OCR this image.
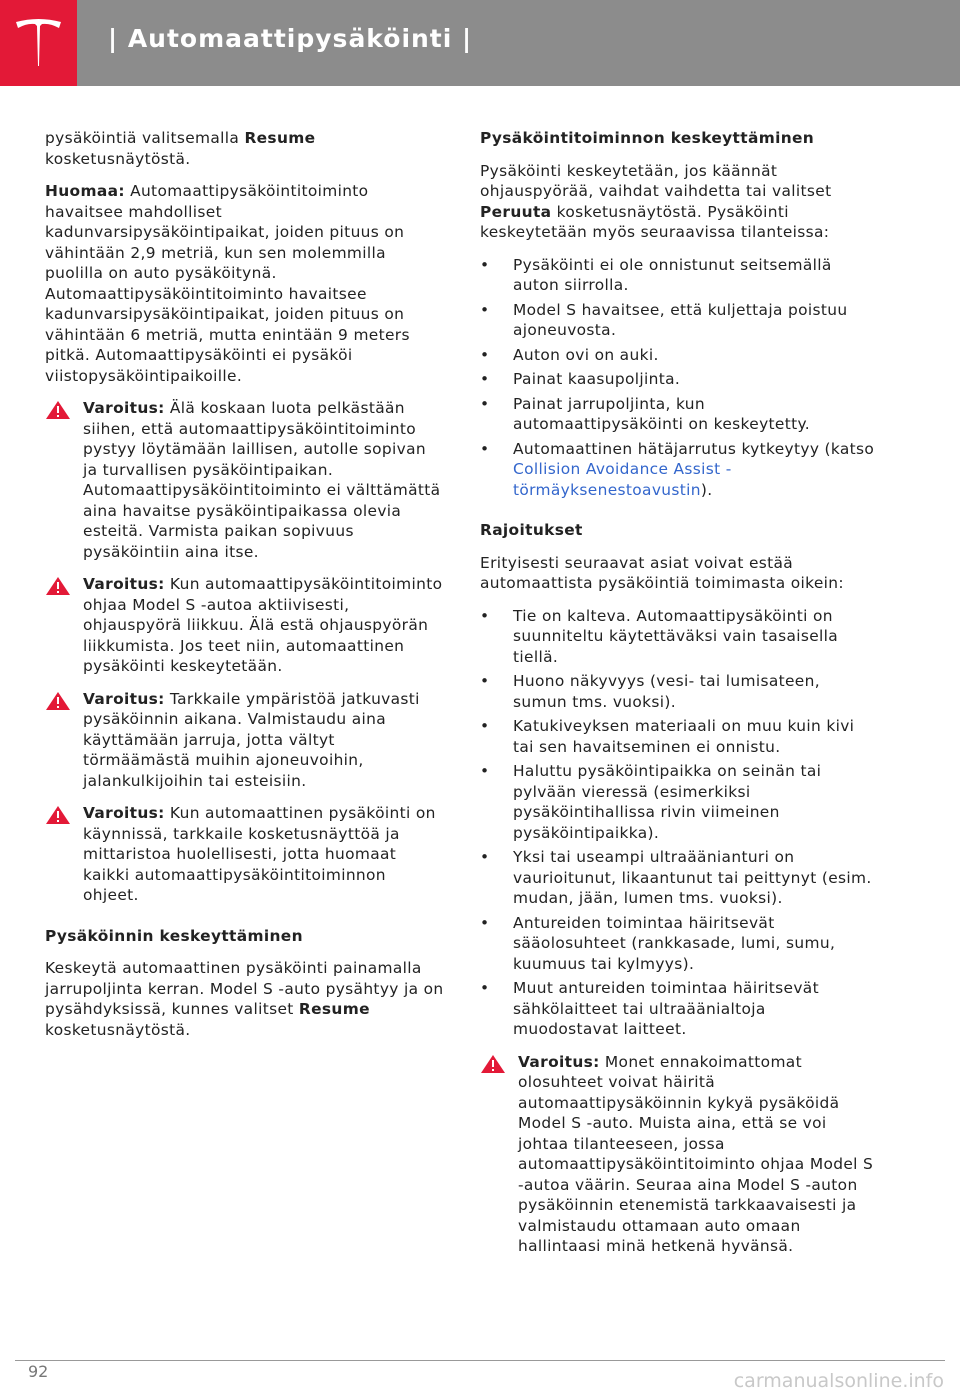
| Automaattipysäköinti |

pysäköintiä valitsemalla Resume kosketusnäytöstä.

Huomaa: Automaattipysäköintitoiminto havaitsee mahdolliset kadunvarsipysäköintipaikat, joiden pituus on vähintään 2,9 metriä, kun sen molemmilla puolilla on auto pysäköitynä. Automaattipysäköintitoiminto havaitsee kadunvarsipysäköintipaikat, joiden pituus on vähintään 6 metriä, mutta enintään 9 meters pitkä. Automaattipysäköinti ei pysäköi viistopysäköintipaikoille.

Varoitus: Älä koskaan luota pelkästään siihen, että automaattipysäköintitoiminto pystyy löytämään laillisen, autolle sopivan ja turvallisen pysäköintipaikan. Automaattipysäköintitoiminto ei välttämättä aina havaitse pysäköintipaikassa olevia esteitä. Varmista paikan sopivuus pysäköintiin aina itse.
Varoitus: Kun automaattipysäköintitoiminto ohjaa Model S -autoa aktiivisesti, ohjauspyörä liikkuu. Älä estä ohjauspyörän liikkumista. Jos teet niin, automaattinen pysäköinti keskeytetään.
Varoitus: Tarkkaile ympäristöä jatkuvasti pysäköinnin aikana. Valmistaudu aina käyttämään jarruja, jotta vältyt törmäämästä muihin ajoneuvoihin, jalankulkijoihin tai esteisiin.
Varoitus: Kun automaattinen pysäköinti on käynnissä, tarkkaile kosketusnäyttöä ja mittaristoa huolellisesti, jotta huomaat kaikki automaattipysäköintitoiminnon ohjeet.
Pysäköinnin keskeyttäminen

Keskeytä automaattinen pysäköinti painamalla jarrupoljinta kerran. Model S -auto pysähtyy ja on pysähdyksissä, kunnes valitset Resume kosketusnäytöstä.

Pysäköintitoiminnon keskeyttäminen

Pysäköinti keskeytetään, jos käännät ohjauspyörää, vaihdat vaihdetta tai valitset Peruuta kosketusnäytöstä. Pysäköinti keskeytetään myös seuraavissa tilanteissa:

• Pysäköinti ei ole onnistunut seitsemällä auton siirrolla.
• Model S havaitsee, että kuljettaja poistuu ajoneuvosta.
• Auton ovi on auki.
• Painat kaasupoljinta.
• Painat jarrupoljinta, kun automaattipysäköinti on keskeytetty.
• Automaattinen hätäjarrutus kytkeytyy (katso Collision Avoidance Assist - törmäyksenestoavustin).
Rajoitukset

Erityisesti seuraavat asiat voivat estää automaattista pysäköintiä toimimasta oikein:

• Tie on kalteva. Automaattipysäköinti on suunniteltu käytettäväksi vain tasaisella tiellä.
• Huono näkyvyys (vesi- tai lumisateen, sumun tms. vuoksi).
• Katukiveyksen materiaali on muu kuin kivi tai sen havaitseminen ei onnistu.
• Haluttu pysäköintipaikka on seinän tai pylvään vieressä (esimerkiksi pysäköintihallissa rivin viimeinen pysäköintipaikka).
• Yksi tai useampi ultraäänianturi on vaurioitunut, likaantunut tai peittynyt (esim. mudan, jään, lumen tms. vuoksi).
• Antureiden toimintaa häiritsevät sääolosuhteet (rankkasade, lumi, sumu, kuumuus tai kylmyys).
• Muut antureiden toimintaa häiritsevät sähkölaitteet tai ultraäänialtoja muodostavat laitteet.
Varoitus: Monet ennakoimattomat olosuhteet voivat häiritä automaattipysäköinnin kykyä pysäköidä Model S -auto. Muista aina, että se voi johtaa tilanteeseen, jossa automaattipysäköintitoiminto ohjaa Model S -autoa väärin. Seuraa aina Model S -auton pysäköinnin etenemistä tarkkaavaisesti ja valmistaudu ottamaan auto omaan hallintaasi minä hetkenä hyvänsä.
92	carmanualsonline.info
